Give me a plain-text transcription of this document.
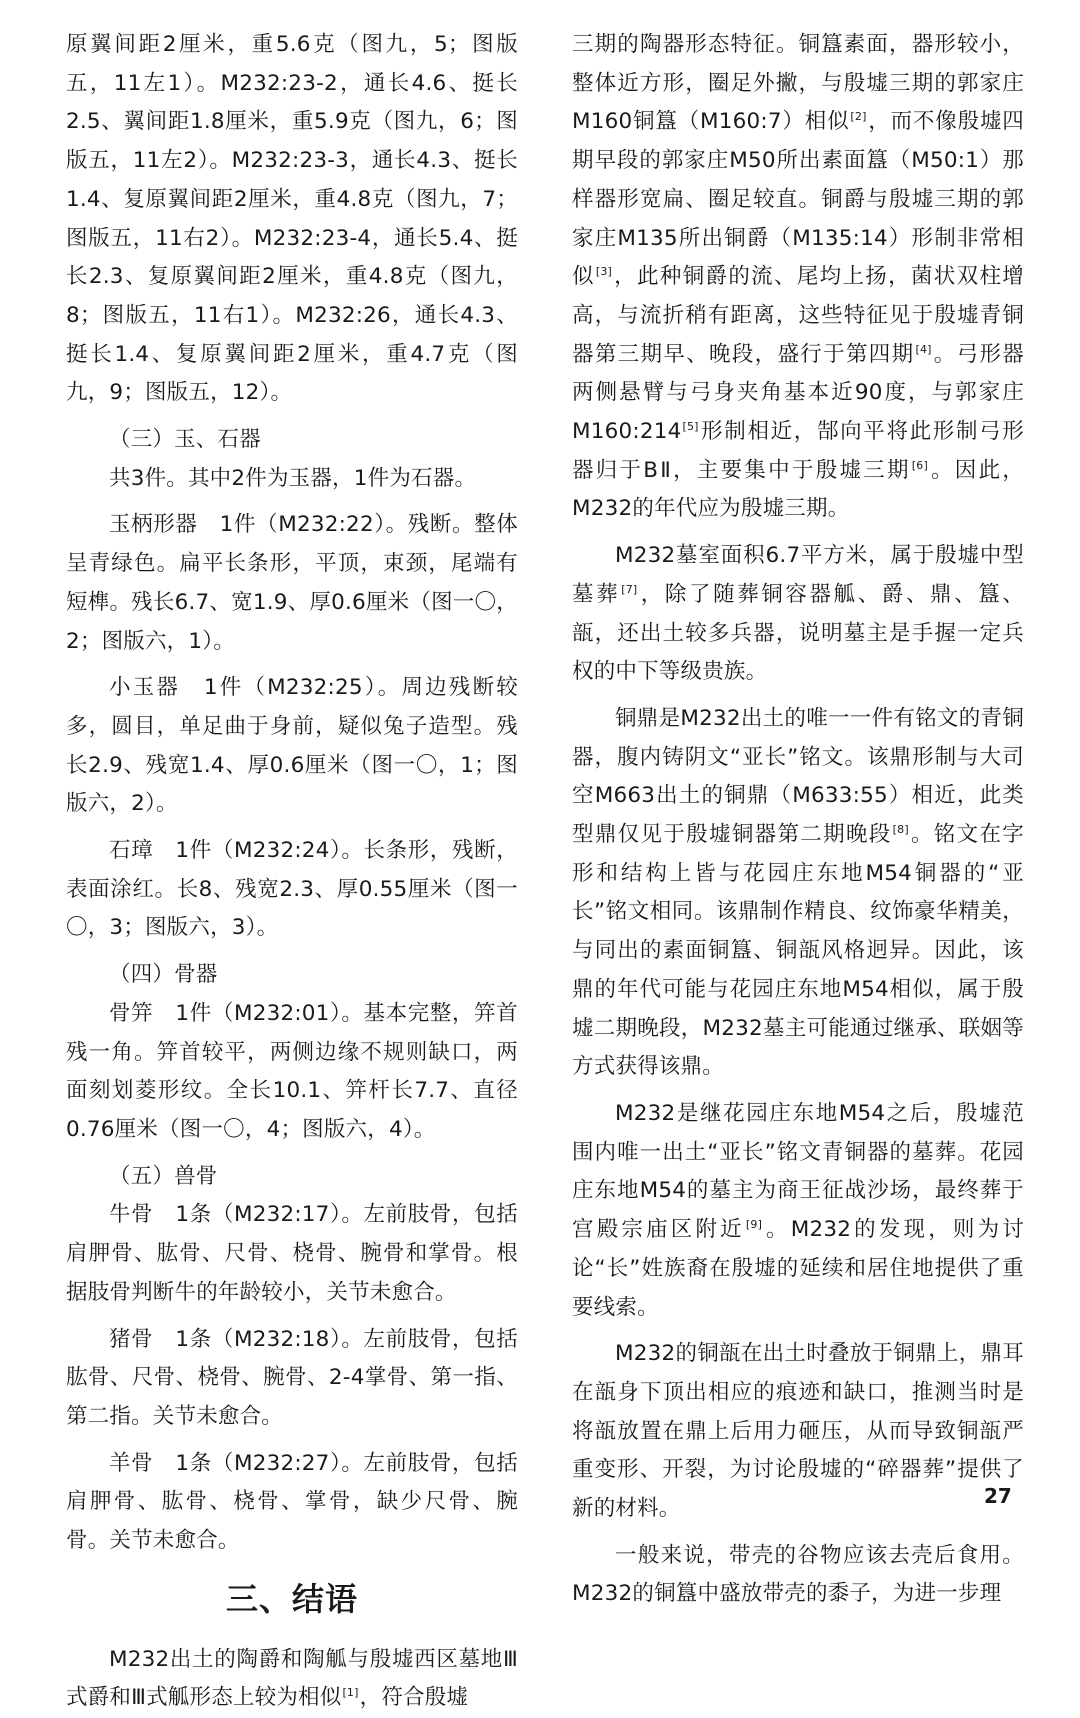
原翼间距2厘米，重5.6克（图九，5；图版五，11左1）。M232:23-2，通长4.6、挺长2.5、翼间距1.8厘米，重5.9克（图九，6；图版五，11左2）。M232:23-3，通长4.3、挺长1.4、复原翼间距2厘米，重4.8克（图九，7；图版五，11右2）。M232:23-4，通长5.4、挺长2.3、复原翼间距2厘米，重4.8克（图九，8；图版五，11右1）。M232:26，通长4.3、挺长1.4、复原翼间距2厘米，重4.7克（图九，9；图版五，12）。

（三）玉、石器

共3件。其中2件为玉器，1件为石器。

玉柄形器　1件（M232:22）。残断。整体呈青绿色。扁平长条形，平顶，束颈，尾端有短榫。残长6.7、宽1.9、厚0.6厘米（图一〇，2；图版六，1）。

小玉器　1件（M232:25）。周边残断较多，圆目，单足曲于身前，疑似兔子造型。残长2.9、残宽1.4、厚0.6厘米（图一〇，1；图版六，2）。

石璋　1件（M232:24）。长条形，残断，表面涂红。长8、残宽2.3、厚0.55厘米（图一〇，3；图版六，3）。

（四）骨器

骨笄　1件（M232:01）。基本完整，笄首残一角。笄首较平，两侧边缘不规则缺口，两面刻划菱形纹。全长10.1、笄杆长7.7、直径0.76厘米（图一〇，4；图版六，4）。

（五）兽骨

牛骨　1条（M232:17）。左前肢骨，包括肩胛骨、肱骨、尺骨、桡骨、腕骨和掌骨。根据肢骨判断牛的年龄较小，关节未愈合。

猪骨　1条（M232:18）。左前肢骨，包括肱骨、尺骨、桡骨、腕骨、2-4掌骨、第一指、第二指。关节未愈合。

羊骨　1条（M232:27）。左前肢骨，包括肩胛骨、肱骨、桡骨、掌骨，缺少尺骨、腕骨。关节未愈合。

三、结语

M232出土的陶爵和陶觚与殷墟西区墓地Ⅲ式爵和Ⅲ式觚形态上较为相似[1]，符合殷墟

三期的陶器形态特征。铜簋素面，器形较小，整体近方形，圈足外撇，与殷墟三期的郭家庄M160铜簋（M160:7）相似[2]，而不像殷墟四期早段的郭家庄M50所出素面簋（M50:1）那样器形宽扁、圈足较直。铜爵与殷墟三期的郭家庄M135所出铜爵（M135:14）形制非常相似[3]，此种铜爵的流、尾均上扬，菌状双柱增高，与流折稍有距离，这些特征见于殷墟青铜器第三期早、晚段，盛行于第四期[4]。弓形器两侧悬臂与弓身夹角基本近90度，与郭家庄M160:214[5]形制相近，郜向平将此形制弓形器归于BⅡ，主要集中于殷墟三期[6]。因此，M232的年代应为殷墟三期。

M232墓室面积6.7平方米，属于殷墟中型墓葬[7]，除了随葬铜容器觚、爵、鼎、簋、瓿，还出土较多兵器，说明墓主是手握一定兵权的中下等级贵族。

铜鼎是M232出土的唯一一件有铭文的青铜器，腹内铸阴文“亚长”铭文。该鼎形制与大司空M663出土的铜鼎（M633:55）相近，此类型鼎仅见于殷墟铜器第二期晚段[8]。铭文在字形和结构上皆与花园庄东地M54铜器的“亚长”铭文相同。该鼎制作精良、纹饰豪华精美，与同出的素面铜簋、铜瓿风格迥异。因此，该鼎的年代可能与花园庄东地M54相似，属于殷墟二期晚段，M232墓主可能通过继承、联姻等方式获得该鼎。

M232是继花园庄东地M54之后，殷墟范围内唯一出土“亚长”铭文青铜器的墓葬。花园庄东地M54的墓主为商王征战沙场，最终葬于宫殿宗庙区附近[9]。M232的发现，则为讨论“长”姓族裔在殷墟的延续和居住地提供了重要线索。

M232的铜瓿在出土时叠放于铜鼎上，鼎耳在瓿身下顶出相应的痕迹和缺口，推测当时是将瓿放置在鼎上后用力砸压，从而导致铜瓿严重变形、开裂，为讨论殷墟的“碎器葬”提供了新的材料。

一般来说，带壳的谷物应该去壳后食用。M232的铜簋中盛放带壳的黍子，为进一步理

27
